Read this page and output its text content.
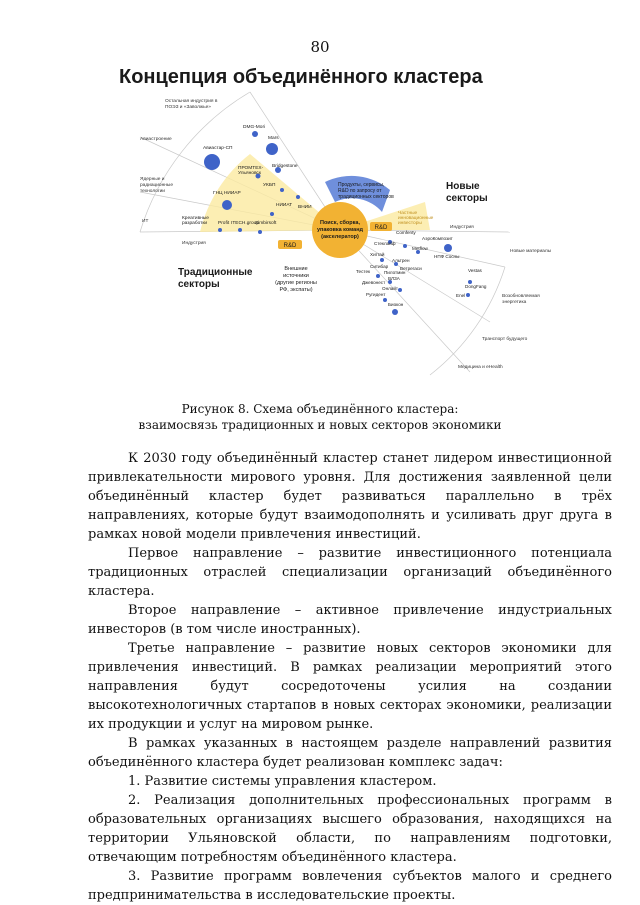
80
Концепция объединённого кластера
Поиск, сборка,
упаковка команд
(акселератор)
R&D
R&D
Продукты, сервисы,
R&D по запросу от
традиционных секторов
Частные
инновационные
инвесторы
Внешние
источники
(другие регионы
РФ, экспаты)
Традиционные
секторы
Новые
секторы
Остальная индустрия в
ПОЭЗ и «Заволжье»
Авиастроение
Ядерные и
радиационные
технологии
ИТ
Индустрия
DMG-Mori
Mars
Авиастар-СП
ПРОМТЕХ-
Ульяновск
Bridgestone
УКБП
ГНЦ НИИАР
НИИАТ
Креативные
разработки Profit ITECH.group
Simbirsoft
ВНИИ
Comfenty
АэроКомпозит
Стеклайф
Metflow
Хитгай
Альтрен
Ситибар	Ветрегаси
Тестек	Пилотмин
ВЛЗА
Джевонест
Онлайт
Ругидент
Биокон
НПФ Сосны
Vestas
DongFang
Enel
Индустрия
Новые материалы
Возобновляемая
энергетика
Транспорт будущего
Медицина и eHealth
Рисунок 8. Схема объединённого кластера:
взаимосвязь традиционных и новых секторов экономики

К 2030 году объединённый кластер станет лидером инвестиционной привлекательности мирового уровня. Для достижения заявленной цели объединённый кластер будет развиваться параллельно в трёх направлениях, которые будут взаимодополнять и усиливать друг друга в рамках новой модели привлечения инвестиций.

Первое направление – развитие инвестиционного потенциала традиционных отраслей специализации организаций объединённого кластера.

Второе направление – активное привлечение индустриальных инвесторов (в том числе иностранных).

Третье направление – развитие новых секторов экономики для привлечения инвестиций. В рамках реализации мероприятий этого направления будут сосредоточены усилия на создании высокотехнологичных стартапов в новых секторах экономики, реализации их продукции и услуг на мировом рынке.

В рамках указанных в настоящем разделе направлений развития объединённого кластера будет реализован комплекс задач:

1. Развитие системы управления кластером.

2. Реализация дополнительных профессиональных программ в образовательных организациях высшего образования, находящихся на территории Ульяновской области, по направлениям подготовки, отвечающим потребностям объединённого кластера.

3. Развитие программ вовлечения субъектов малого и среднего предпринимательства в исследовательские проекты.
